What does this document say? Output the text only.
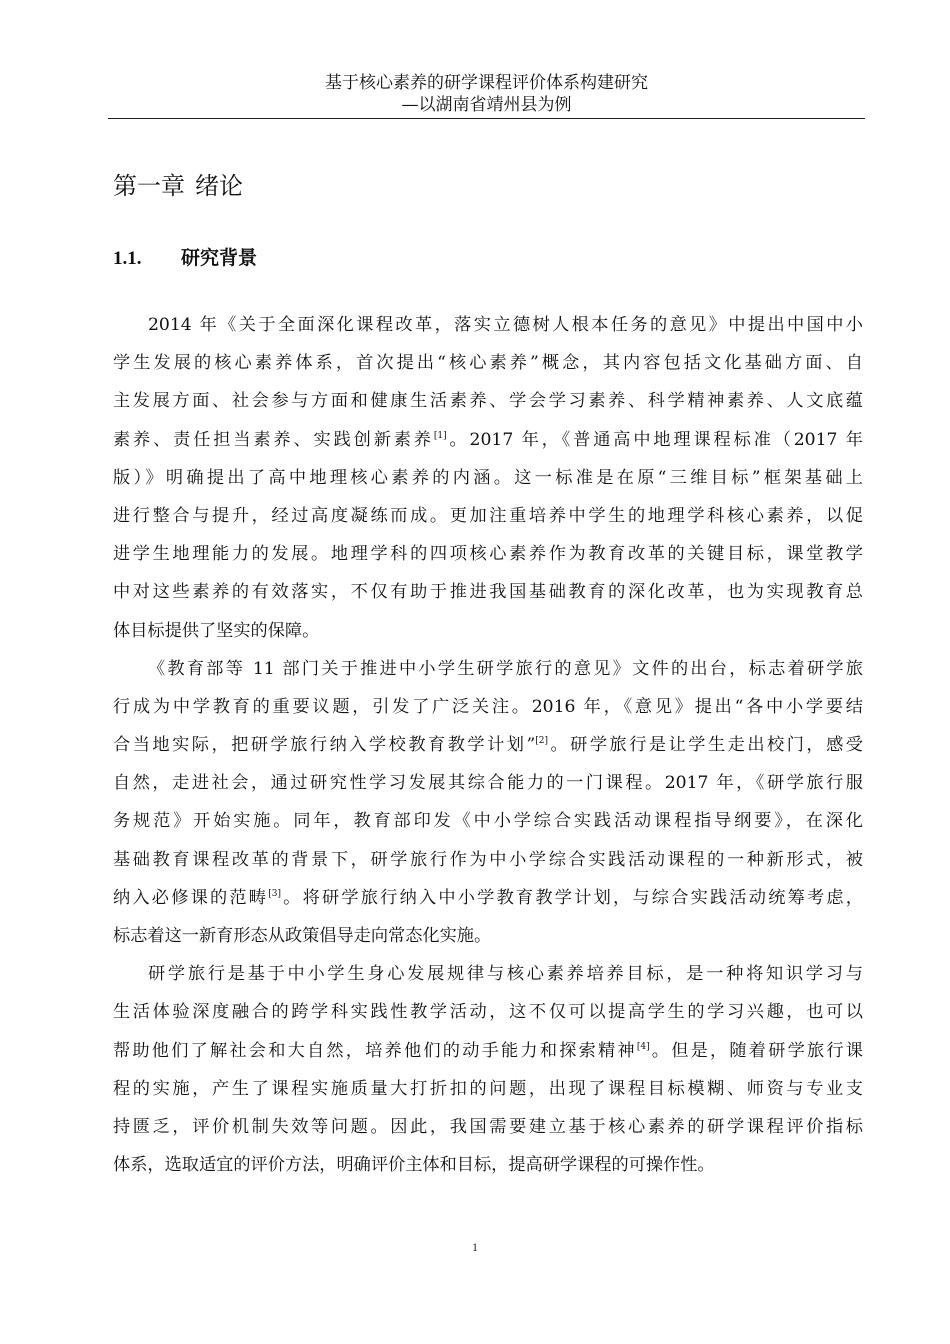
基于核心素养的研学课程评价体系构建研究
—以湖南省靖州县为例
第一章 绪论
1.1. 研究背景
2014 年《关于全面深化课程改革，落实立德树人根本任务的意见》中提出中国中小
学生发展的核心素养体系，首次提出“核心素养”概念，其内容包括文化基础方面、自
主发展方面、社会参与方面和健康生活素养、学会学习素养、科学精神素养、人文底蕴
素养、责任担当素养、实践创新素养[1]。2017 年，《普通高中地理课程标准（2017 年
版）》明确提出了高中地理核心素养的内涵。这一标准是在原“三维目标”框架基础上
进行整合与提升，经过高度凝练而成。更加注重培养中学生的地理学科核心素养，以促
进学生地理能力的发展。地理学科的四项核心素养作为教育改革的关键目标，课堂教学
中对这些素养的有效落实，不仅有助于推进我国基础教育的深化改革，也为实现教育总
体目标提供了坚实的保障。
《教育部等 11 部门关于推进中小学生研学旅行的意见》文件的出台，标志着研学旅
行成为中学教育的重要议题，引发了广泛关注。2016 年，《意见》提出“各中小学要结
合当地实际，把研学旅行纳入学校教育教学计划”[2]。研学旅行是让学生走出校门，感受
自然，走进社会，通过研究性学习发展其综合能力的一门课程。2017 年，《研学旅行服
务规范》开始实施。同年，教育部印发《中小学综合实践活动课程指导纲要》，在深化
基础教育课程改革的背景下，研学旅行作为中小学综合实践活动课程的一种新形式，被
纳入必修课的范畴[3]。将研学旅行纳入中小学教育教学计划，与综合实践活动统筹考虑，
标志着这一新育形态从政策倡导走向常态化实施。
研学旅行是基于中小学生身心发展规律与核心素养培养目标，是一种将知识学习与
生活体验深度融合的跨学科实践性教学活动，这不仅可以提高学生的学习兴趣，也可以
帮助他们了解社会和大自然，培养他们的动手能力和探索精神[4]。但是，随着研学旅行课
程的实施，产生了课程实施质量大打折扣的问题，出现了课程目标模糊、师资与专业支
持匮乏，评价机制失效等问题。因此，我国需要建立基于核心素养的研学课程评价指标
体系，选取适宜的评价方法，明确评价主体和目标，提高研学课程的可操作性。
1
